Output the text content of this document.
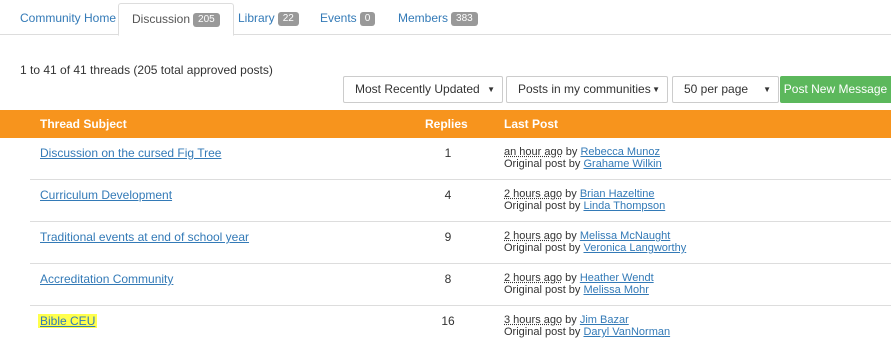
Community Home	Discussion 205	Library 22	Events 0	Members 383
1 to 41 of 41 threads (205 total approved posts)
Most Recently Updated ▼	Posts in my communities ▼	50 per page ▼	Post New Message
Thread Subject	Replies	Last Post
Discussion on the cursed Fig Tree	1	an hour ago by Rebecca Munoz
Original post by Grahame Wilkin
Curriculum Development	4	2 hours ago by Brian Hazeltine
Original post by Linda Thompson
Traditional events at end of school year	9	2 hours ago by Melissa McNaught
Original post by Veronica Langworthy
Accreditation Community	8	2 hours ago by Heather Wendt
Original post by Melissa Mohr
Bible CEU	16	3 hours ago by Jim Bazar
Original post by Daryl VanNorman
